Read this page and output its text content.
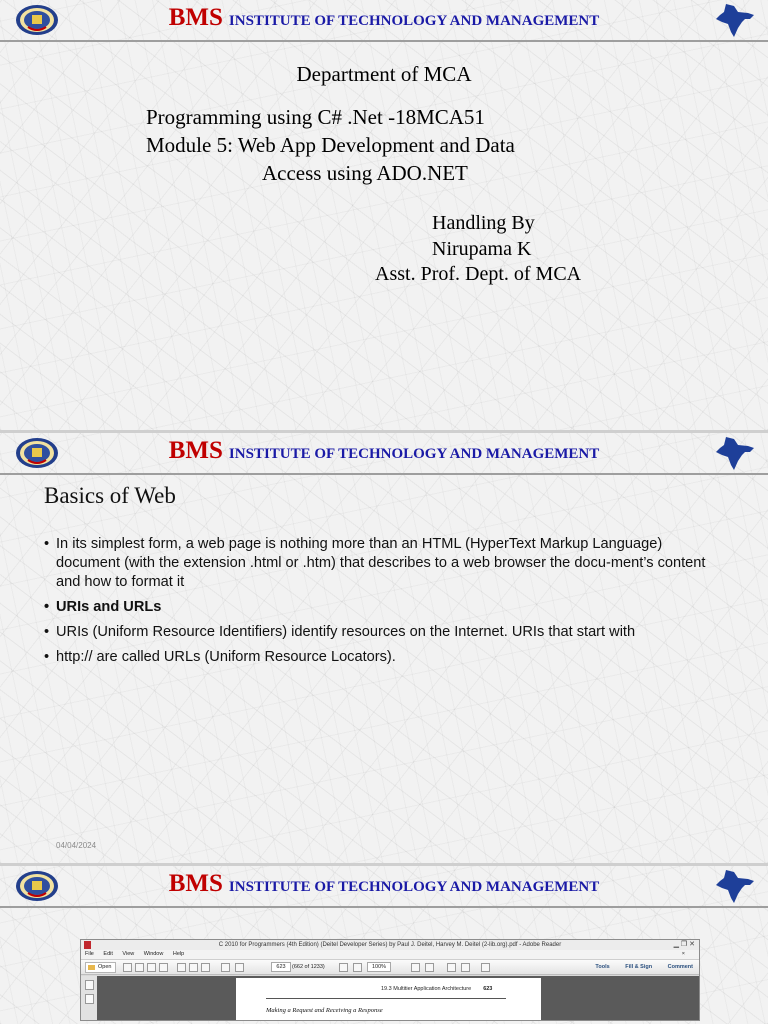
BMS INSTITUTE OF TECHNOLOGY AND MANAGEMENT
Department of MCA
Programming using C# .Net -18MCA51
Module 5: Web App Development and Data
Access using ADO.NET
Handling By
Nirupama K
Asst. Prof. Dept. of MCA
BMS INSTITUTE OF TECHNOLOGY AND MANAGEMENT
Basics of Web
• In its simplest form, a web page is nothing more than an HTML (HyperText Markup Language) document (with the extension .html or .htm) that describes to a web browser the docu-ment’s content and how to format it
• URIs and URLs
• URIs (Uniform Resource Identifiers) identify resources on the Internet. URIs that start with
• http:// are called URLs (Uniform Resource Locators).
04/04/2024
BMS INSTITUTE OF TECHNOLOGY AND MANAGEMENT
C 2010 for Programmers (4th Edition) (Deitel Developer Series) by Paul J. Deitel, Harvey M. Deitel (2-lib.org).pdf - Adobe Reader	▁ ❐ ✕
File Edit View Window Help	×
Open	623	(662 of 1233)	100%	Tools	Fill & Sign	Comment
19.3 Multitier Application Architecture 623
Making a Request and Receiving a Response
